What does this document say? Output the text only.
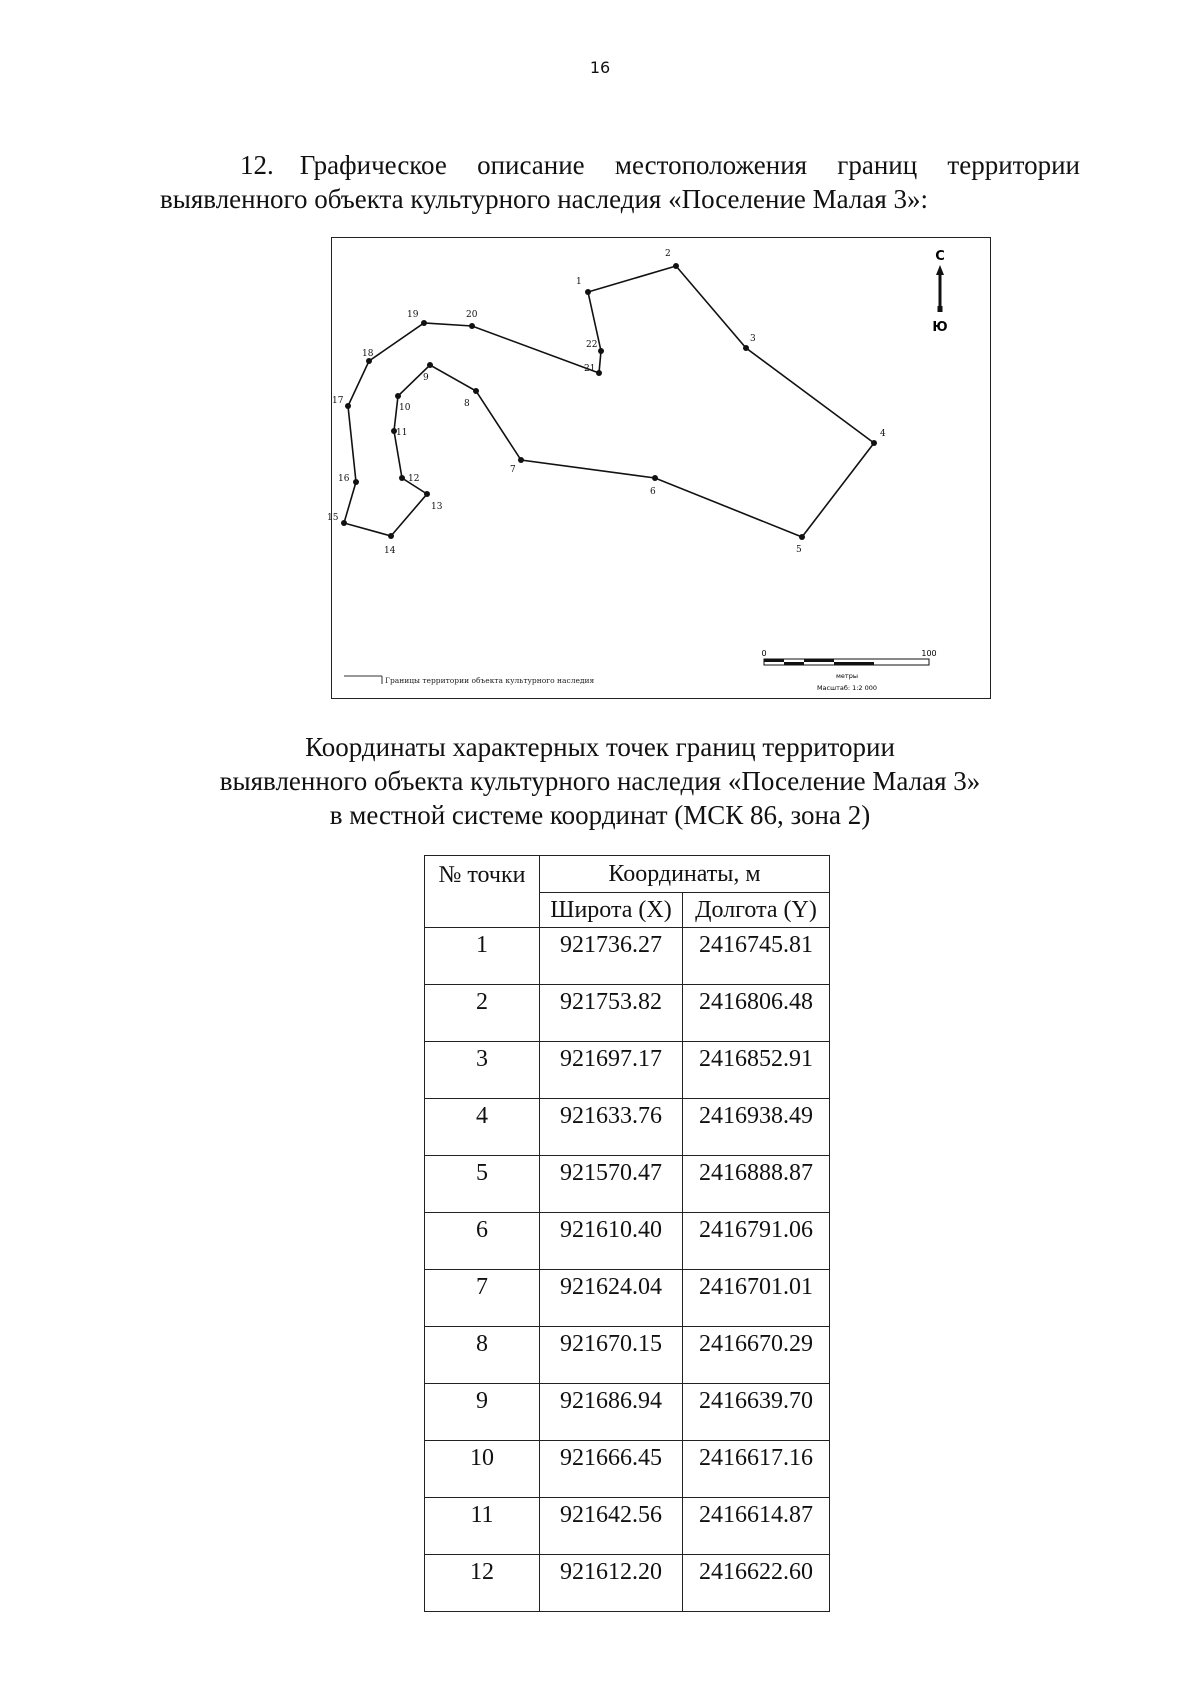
16
12. Графическое описание местоположения границ территории выявленного объекта культурного наследия «Поселение Малая 3»:
1
2
3
4
5
6
7
8
9
10
11
12
13
14
15
16
17
18
19	20
21
22
С
Ю
Границы территории объекта культурного наследия
0	100
метры
Масштаб: 1:2 000
Координаты характерных точек границ территории
выявленного объекта культурного наследия «Поселение Малая 3»
в местной системе координат (МСК 86, зона 2)
№ точки	Координаты, м	
	Широта (X)	Долгота (Y)
1	921736.27	2416745.81
2	921753.82	2416806.48
3	921697.17	2416852.91
4	921633.76	2416938.49
5	921570.47	2416888.87
6	921610.40	2416791.06
7	921624.04	2416701.01
8	921670.15	2416670.29
9	921686.94	2416639.70
10	921666.45	2416617.16
11	921642.56	2416614.87
12	921612.20	2416622.60
